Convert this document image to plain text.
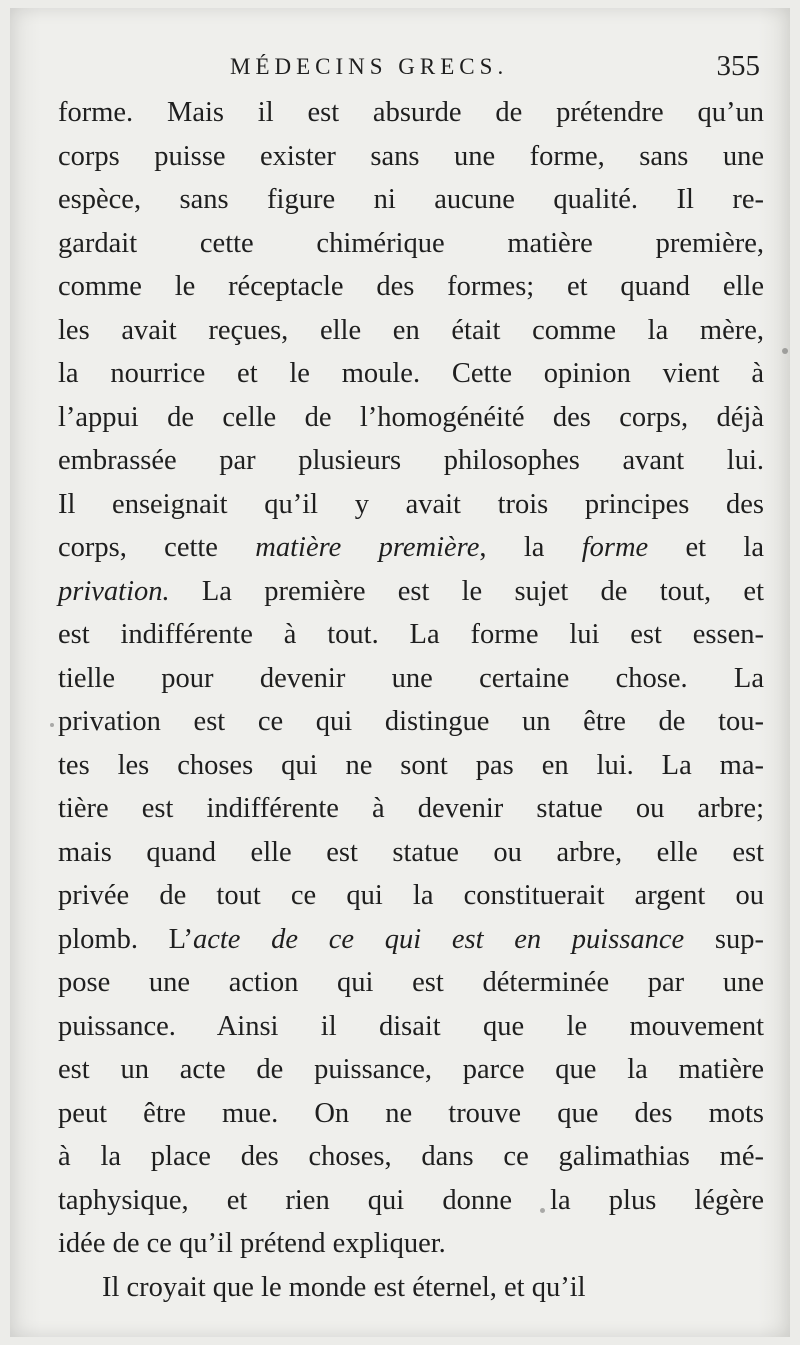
MÉDECINS GRECS.	355
forme. Mais il est absurde de prétendre qu’un
corps puisse exister sans une forme, sans une
espèce, sans figure ni aucune qualité. Il re-
gardait cette chimérique matière première,
comme le réceptacle des formes; et quand elle
les avait reçues, elle en était comme la mère,
la nourrice et le moule. Cette opinion vient à
l’appui de celle de l’homogénéité des corps, déjà
embrassée par plusieurs philosophes avant lui.
Il enseignait qu’il y avait trois principes des
corps, cette matière première, la forme et la
privation. La première est le sujet de tout, et
est indifférente à tout. La forme lui est essen-
tielle pour devenir une certaine chose. La
privation est ce qui distingue un être de tou-
tes les choses qui ne sont pas en lui. La ma-
tière est indifférente à devenir statue ou arbre;
mais quand elle est statue ou arbre, elle est
privée de tout ce qui la constituerait argent ou
plomb. L’acte de ce qui est en puissance sup-
pose une action qui est déterminée par une
puissance. Ainsi il disait que le mouvement
est un acte de puissance, parce que la matière
peut être mue. On ne trouve que des mots
à la place des choses, dans ce galimathias mé-
taphysique, et rien qui donne la plus légère
idée de ce qu’il prétend expliquer.
Il croyait que le monde est éternel, et qu’il
